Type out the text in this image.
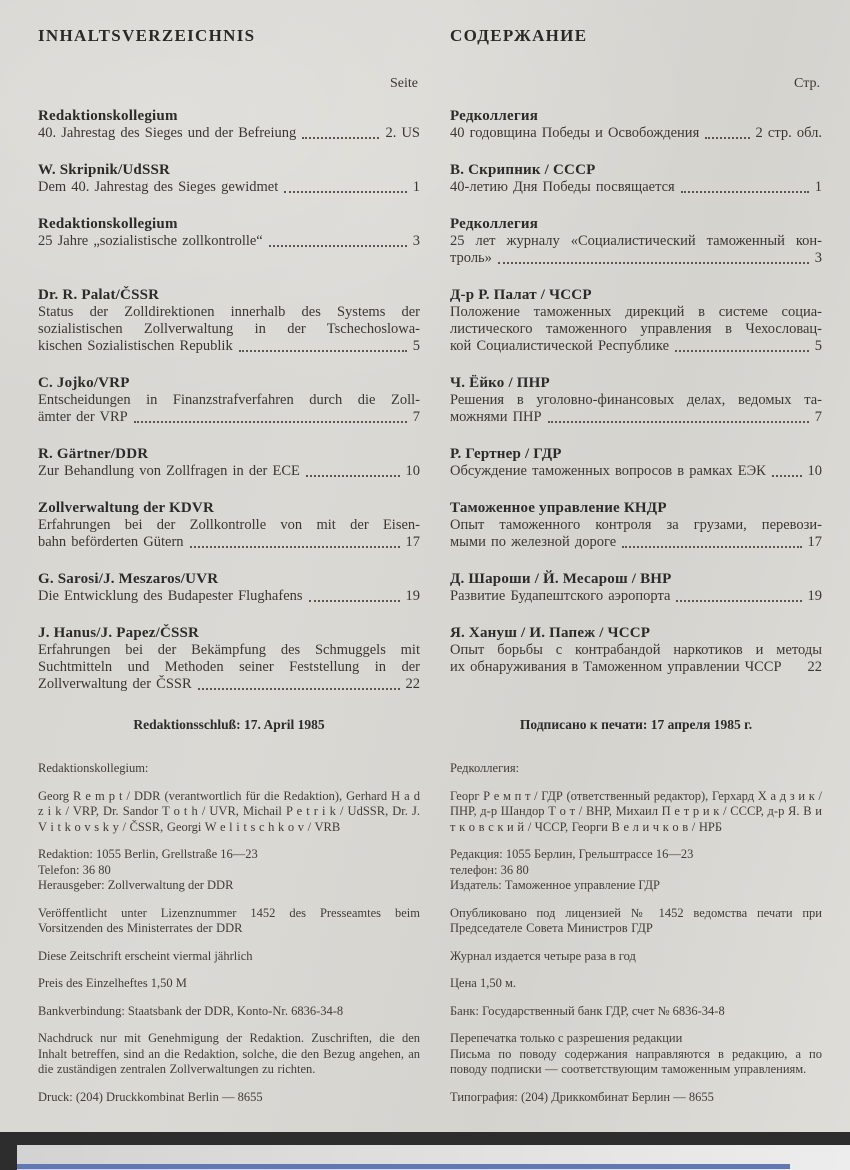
INHALTSVERZEICHNIS	СОДЕРЖАНИЕ
Seite	Стр.
Redaktionskollegium
40. Jahrestag des Sieges und der Befreiung	2. US
Редколлегия
40 годовщина Победы и Освобождения	2 стр. обл.
W. Skripnik/UdSSR
Dem 40. Jahrestag des Sieges gewidmet	1
В. Скрипник / СССР
40-летию Дня Победы посвящается	1
Redaktionskollegium
25 Jahre „sozialistische zollkontrolle“	3
Редколлегия
25 лет журналу «Социалистический таможенный кон-
троль»	3
Dr. R. Palat/ČSSR
Status der Zolldirektionen innerhalb des Systems der
sozialistischen Zollverwaltung in der Tschechoslowa-
kischen Sozialistischen Republik	5
Д-р Р. Палат / ЧССР
Положение таможенных дирекций в системе социа-
листического таможенного управления в Чехословац-
кой Социалистической Республике	5
C. Jojko/VRP
Entscheidungen in Finanzstrafverfahren durch die Zoll-
ämter der VRP	7
Ч. Ёйко / ПНР
Решения в уголовно-финансовых делах, ведомых та-
можнями ПНР	7
R. Gärtner/DDR
Zur Behandlung von Zollfragen in der ECE	10
Р. Гертнер / ГДР
Обсуждение таможенных вопросов в рамках ЕЭК	10
Zollverwaltung der KDVR
Erfahrungen bei der Zollkontrolle von mit der Eisen-
bahn beförderten Gütern	17
Таможенное управление КНДР
Опыт таможенного контроля за грузами, перевози-
мыми по железной дороге	17
G. Sarosi/J. Meszaros/UVR
Die Entwicklung des Budapester Flughafens	19
Д. Шароши / Й. Месарош / ВНР
Развитие Будапештского аэропорта	19
J. Hanus/J. Papez/ČSSR
Erfahrungen bei der Bekämpfung des Schmuggels mit
Suchtmitteln und Methoden seiner Feststellung in der
Zollverwaltung der ČSSR	22
Я. Хануш / И. Папеж / ЧССР
Опыт борьбы с контрабандой наркотиков и методы
их обнаруживания в Таможенном управлении ЧССР 22
Redaktionsschluß: 17. April 1985	Подписано к печати: 17 апреля 1985 г.
Redaktionskollegium:	Редколлегия:
Georg R e m p t / DDR (verantwortlich für die Redaktion), Gerhard H a d z i k / VRP, Dr. Sandor T o t h / UVR, Michail P e t r i k / UdSSR, Dr. J. V i t k o v s k y / ČSSR, Georgi W e l i t s c h k o v / VRB
Георг Р е м п т / ГДР (ответственный редактор), Герхард Х а д з и к / ПНР, д-р Шандор Т о т / ВНР, Михаил П е т р и к / СССР, д-р Я. В и т к о в с к и й / ЧССР, Георги В е л и ч к о в / НРБ
Redaktion: 1055 Berlin, Grellstraße 16—23
Telefon: 36 80
Herausgeber: Zollverwaltung der DDR
Редакция: 1055 Берлин, Грельштрассе 16—23
телефон: 36 80
Издатель: Таможенное управление ГДР
Veröffentlicht unter Lizenznummer 1452 des Presseamtes beim Vorsitzenden des Ministerrates der DDR
Опубликовано под лицензией № 1452 ведомства печати при Председателе Совета Министров ГДР
Diese Zeitschrift erscheint viermal jährlich	Журнал издается четыре раза в год
Preis des Einzelheftes 1,50 M	Цена 1,50 м.
Bankverbindung: Staatsbank der DDR, Konto-Nr. 6836-34-8	Банк: Государственный банк ГДР, счет № 6836-34-8
Nachdruck nur mit Genehmigung der Redaktion. Zuschriften, die den Inhalt betreffen, sind an die Redaktion, solche, die den Bezug angehen, an die zuständigen zentralen Zollverwaltungen zu richten.
Перепечатка только с разрешения редакции
Письма по поводу содержания направляются в редакцию, а по поводу подписки — соответствующим таможенным управлениям.
Druck: (204) Druckkombinat Berlin — 8655	Типография: (204) Дриккомбинат Берлин — 8655
